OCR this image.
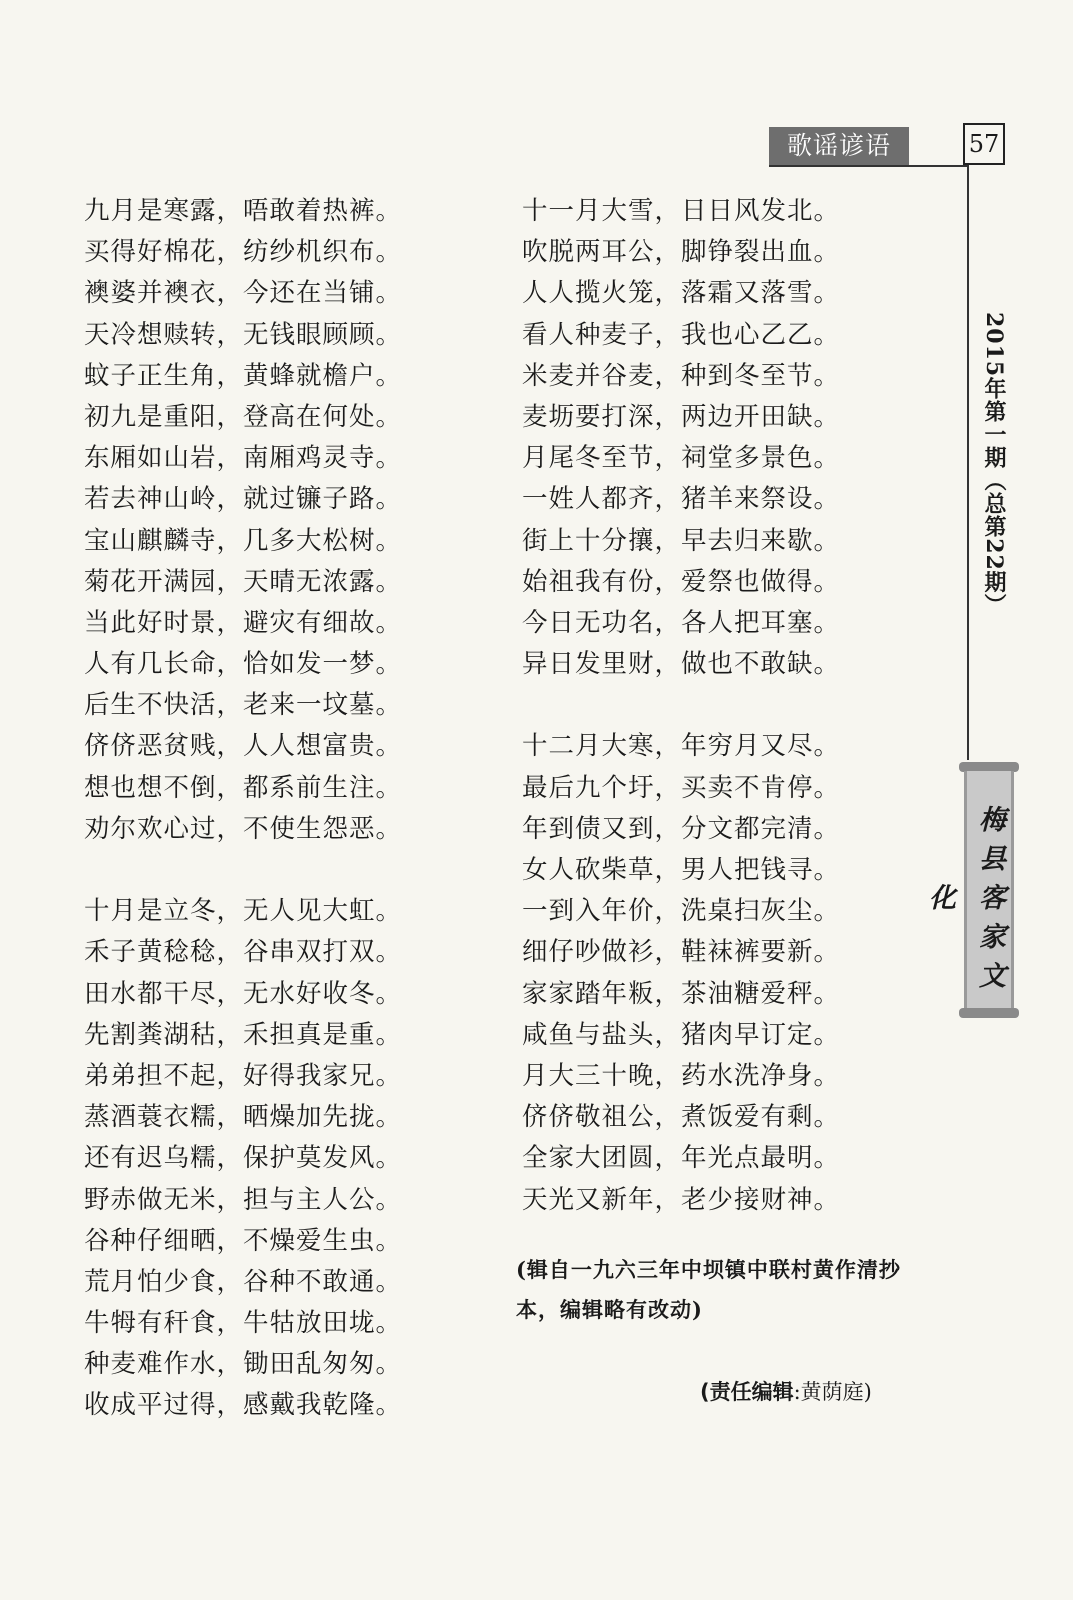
歌谣谚语	57
2015年第一期（总第22期）
梅县客家文化
九月是寒露，唔敢着热裤。
买得好棉花，纺纱机织布。
襖婆并襖衣，今还在当铺。
天冷想赎转，无钱眼顾顾。
蚊子正生角，黄蜂就檐户。
初九是重阳，登高在何处。
东厢如山岩，南厢鸡灵寺。
若去神山岭，就过镰子路。
宝山麒麟寺，几多大松树。
菊花开满园，天晴无浓露。
当此好时景，避灾有细故。
人有几长命，恰如发一梦。
后生不快活，老来一坟墓。
侪侪恶贫贱，人人想富贵。
想也想不倒，都系前生注。
劝尔欢心过，不使生怨恶。
十月是立冬，无人见大虹。
禾子黄稔稔，谷串双打双。
田水都干尽，无水好收冬。
先割粪湖秙，禾担真是重。
弟弟担不起，好得我家兄。
蒸酒蓑衣糯，晒燥加先拢。
还有迟乌糯，保护莫发风。
野赤做无米，担与主人公。
谷种仔细晒，不燥爱生虫。
荒月怕少食，谷种不敢通。
牛牳有秆食，牛牯放田垅。
种麦难作水，锄田乱匆匆。
收成平过得，感戴我乾隆。
十一月大雪，日日风发北。
吹脱两耳公，脚铮裂出血。
人人揽火笼，落霜又落雪。
看人种麦子，我也心乙乙。
米麦并谷麦，种到冬至节。
麦坜要打深，两边开田缺。
月尾冬至节，祠堂多景色。
一姓人都齐，猪羊来祭设。
街上十分攘，早去归来歇。
始祖我有份，爱祭也做得。
今日无功名，各人把耳塞。
异日发里财，做也不敢缺。
十二月大寒，年穷月又尽。
最后九个圩，买卖不肯停。
年到债又到，分文都完清。
女人砍柴草，男人把钱寻。
一到入年价，洗桌扫灰尘。
细仔吵做衫，鞋袜裤要新。
家家踏年粄，茶油糖爱秤。
咸鱼与盐头，猪肉早订定。
月大三十晚，药水洗净身。
侪侪敬祖公，煮饭爱有剩。
全家大团圆，年光点最明。
天光又新年，老少接财神。
(辑自一九六三年中坝镇中联村黄作清抄本，编辑略有改动)
(责任编辑:黄荫庭)
